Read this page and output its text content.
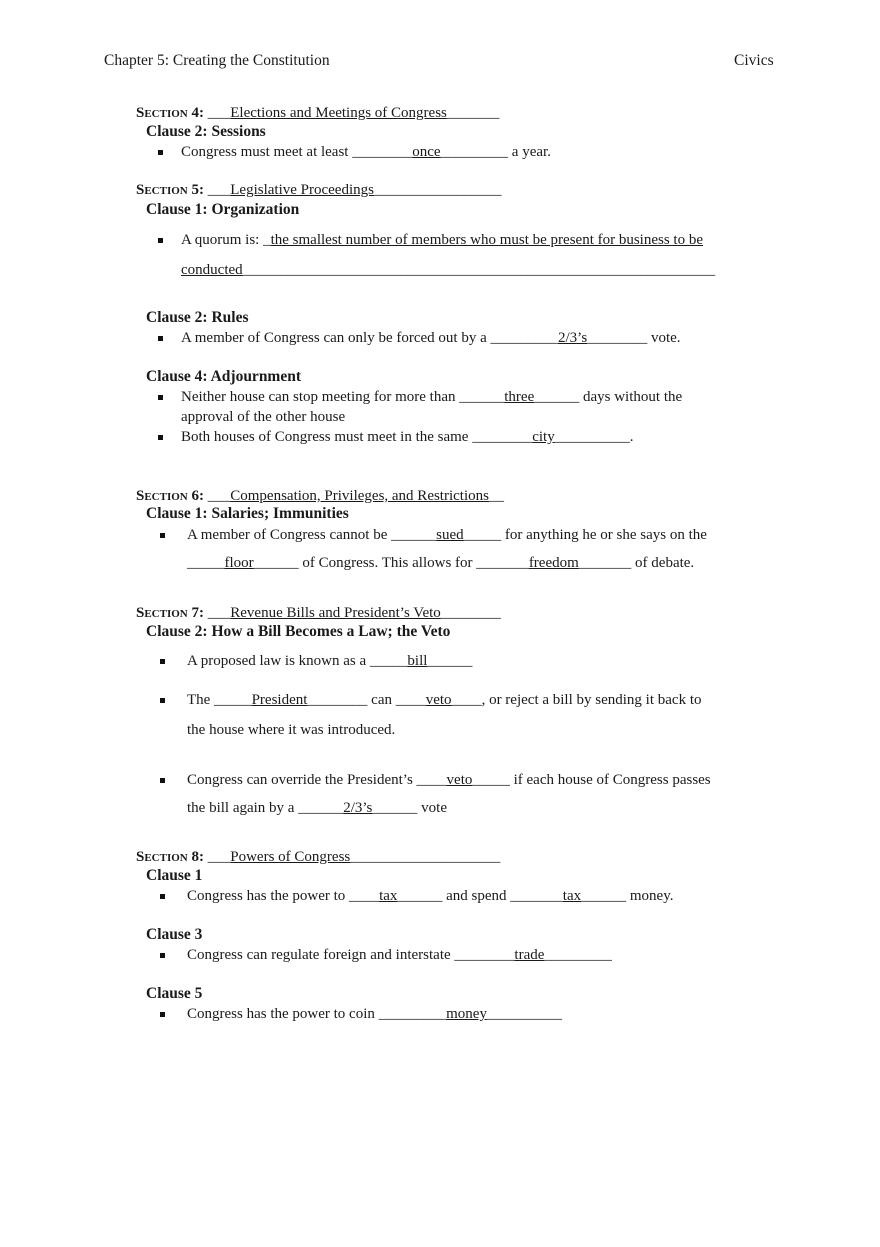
Chapter 5: Creating the Constitution	Civics
Section 4: ___Elections and Meetings of Congress_______
Clause 2: Sessions
Congress must meet at least ________once_________ a year.
Section 5: ___Legislative Proceedings_________________
Clause 1: Organization
A quorum is: _the smallest number of members who must be present for business to be
conducted_______________________________________________________________
Clause 2: Rules
A member of Congress can only be forced out by a _________2/3’s________ vote.
Clause 4: Adjournment
Neither house can stop meeting for more than ______three______ days without the
approval of the other house
Both houses of Congress must meet in the same ________city__________.
Section 6: ___Compensation, Privileges, and Restrictions__
Clause 1: Salaries; Immunities
A member of Congress cannot be ______sued_____ for anything he or she says on the
_____floor______ of Congress. This allows for _______freedom_______ of debate.
Section 7: ___Revenue Bills and President’s Veto________
Clause 2: How a Bill Becomes a Law; the Veto
A proposed law is known as a _____bill______
The _____President________ can ____veto____, or reject a bill by sending it back to
the house where it was introduced.
Congress can override the President’s ____veto_____ if each house of Congress passes
the bill again by a ______2/3’s______ vote
Section 8: ___Powers of Congress____________________
Clause 1
Congress has the power to ____tax______ and spend _______tax______ money.
Clause 3
Congress can regulate foreign and interstate ________trade_________
Clause 5
Congress has the power to coin _________money__________
